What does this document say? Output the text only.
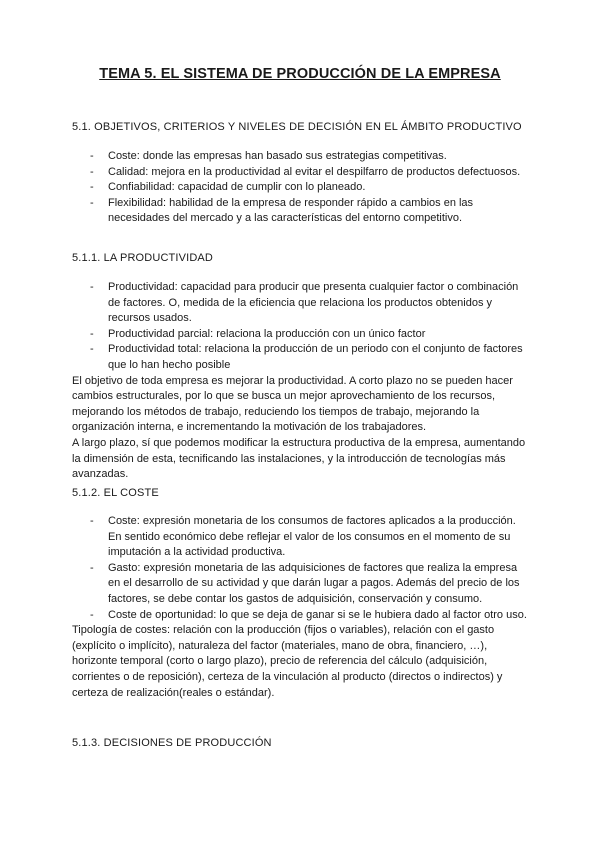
TEMA 5. EL SISTEMA DE PRODUCCIÓN DE LA EMPRESA
5.1. OBJETIVOS, CRITERIOS Y NIVELES DE DECISIÓN EN EL ÁMBITO PRODUCTIVO
- Coste: donde las empresas han basado sus estrategias competitivas.
- Calidad: mejora en la productividad al evitar el despilfarro de productos defectuosos.
- Confiabilidad: capacidad de cumplir con lo planeado.
- Flexibilidad: habilidad de la empresa de responder rápido a cambios en las necesidades del mercado y a las características del entorno competitivo.
5.1.1. LA PRODUCTIVIDAD
- Productividad: capacidad para producir que presenta cualquier factor o combinación de factores. O, medida de la eficiencia que relaciona los productos obtenidos y recursos usados.
- Productividad parcial: relaciona la producción con un único factor
- Productividad total: relaciona la producción de un periodo con el conjunto de factores que lo han hecho posible

El objetivo de toda empresa es mejorar la productividad. A corto plazo no se pueden hacer cambios estructurales, por lo que se busca un mejor aprovechamiento de los recursos, mejorando los métodos de trabajo, reduciendo los tiempos de trabajo, mejorando la organización interna, e incrementando la motivación de los trabajadores.

A largo plazo, sí que podemos modificar la estructura productiva de la empresa, aumentando la dimensión de esta, tecnificando las instalaciones, y la introducción de tecnologías más avanzadas.

5.1.2. EL COSTE
- Coste: expresión monetaria de los consumos de factores aplicados a la producción. En sentido económico debe reflejar el valor de los consumos en el momento de su imputación a la actividad productiva.
- Gasto: expresión monetaria de las adquisiciones de factores que realiza la empresa en el desarrollo de su actividad y que darán lugar a pagos. Además del precio de los factores, se debe contar los gastos de adquisición, conservación y consumo.
- Coste de oportunidad: lo que se deja de ganar si se le hubiera dado al factor otro uso.

Tipología de costes: relación con la producción (fijos o variables), relación con el gasto (explícito o implícito), naturaleza del factor (materiales, mano de obra, financiero, …), horizonte temporal (corto o largo plazo), precio de referencia del cálculo (adquisición, corrientes o de reposición), certeza de la vinculación al producto (directos o indirectos) y certeza de realización(reales o estándar).

5.1.3. DECISIONES DE PRODUCCIÓN
